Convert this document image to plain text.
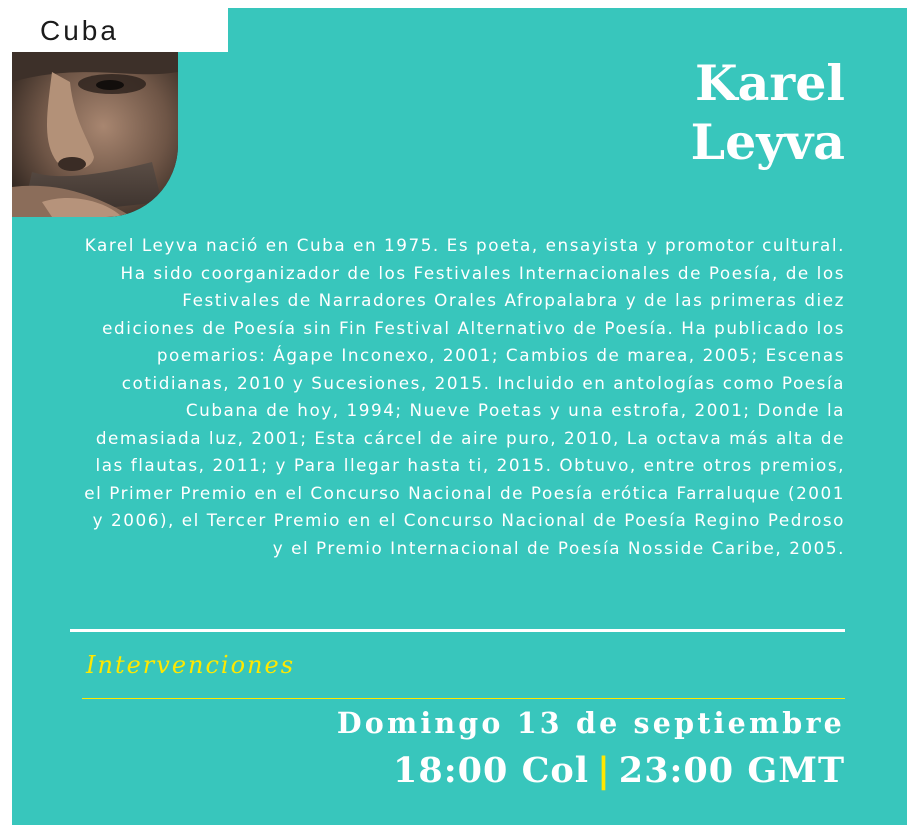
Cuba
Karel
Leyva

Karel Leyva nació en Cuba en 1975. Es poeta, ensayista y promotor cultural. Ha sido coorganizador de los Festivales Internacionales de Poesía, de los Festivales de Narradores Orales Afropalabra y de las primeras diez ediciones de Poesía sin Fin Festival Alternativo de Poesía. Ha publicado los poemarios: Ágape Inconexo, 2001; Cambios de marea, 2005; Escenas cotidianas, 2010 y Sucesiones, 2015. Incluido en antologías como Poesía Cubana de hoy, 1994; Nueve Poetas y una estrofa, 2001; Donde la demasiada luz, 2001; Esta cárcel de aire puro, 2010, La octava más alta de las flautas, 2011; y Para llegar hasta ti, 2015. Obtuvo, entre otros premios, el Primer Premio en el Concurso Nacional de Poesía erótica Farraluque (2001 y 2006), el Tercer Premio en el Concurso Nacional de Poesía Regino Pedroso y el Premio Internacional de Poesía Nosside Caribe, 2005.

Intervenciones
Domingo 13 de septiembre
18:00 Col | 23:00 GMT
